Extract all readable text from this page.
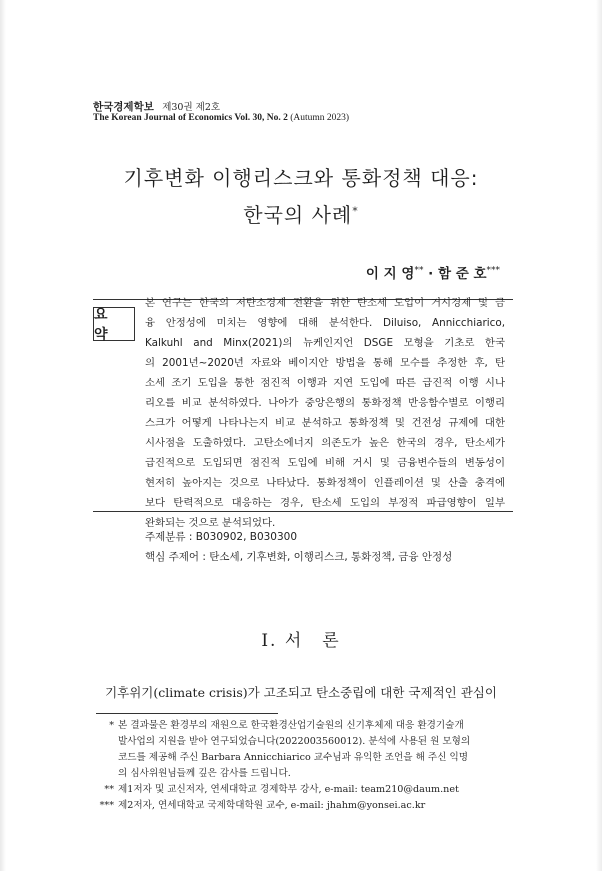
한국경제학보 제30권 제2호
The Korean Journal of Economics Vol. 30, No. 2 (Autumn 2023)
기후변화 이행리스크와 통화정책 대응:
한국의 사례*
이 지 영** · 함 준 호***
요 약
본 연구는 한국의 저탄소경제 전환을 위한 탄소세 도입이 거시경제 및 금
융 안정성에 미치는 영향에 대해 분석한다. Diluiso, Annicchiarico,
Kalkuhl and Minx(2021)의 뉴케인지언 DSGE 모형을 기초로 한국
의 2001년~2020년 자료와 베이지안 방법을 통해 모수를 추정한 후, 탄
소세 조기 도입을 통한 점진적 이행과 지연 도입에 따른 급진적 이행 시나
리오를 비교 분석하였다. 나아가 중앙은행의 통화정책 반응함수별로 이행리
스크가 어떻게 나타나는지 비교 분석하고 통화정책 및 건전성 규제에 대한
시사점을 도출하였다. 고탄소에너지 의존도가 높은 한국의 경우, 탄소세가
급진적으로 도입되면 점진적 도입에 비해 거시 및 금융변수들의 변동성이
현저히 높아지는 것으로 나타났다. 통화정책이 인플레이션 및 산출 충격에
보다 탄력적으로 대응하는 경우, 탄소세 도입의 부정적 파급영향이 일부
완화되는 것으로 분석되었다.
주제분류 : B030902, B030300
핵심 주제어 : 탄소세, 기후변화, 이행리스크, 통화정책, 금융 안정성
Ⅰ. 서　론
기후위기(climate crisis)가 고조되고 탄소중립에 대한 국제적인 관심이
* 본 결과물은 환경부의 재원으로 한국환경산업기술원의 신기후체제 대응 환경기술개
발사업의 지원을 받아 연구되었습니다(2022003560012). 분석에 사용된 원 모형의
코드를 제공해 주신 Barbara Annicchiarico 교수님과 유익한 조언을 해 주신 익명
의 심사위원님들께 깊은 감사를 드립니다.
** 제1저자 및 교신저자, 연세대학교 경제학부 강사, e-mail: team210@daum.net
*** 제2저자, 연세대학교 국제학대학원 교수, e-mail: jhahm@yonsei.ac.kr
